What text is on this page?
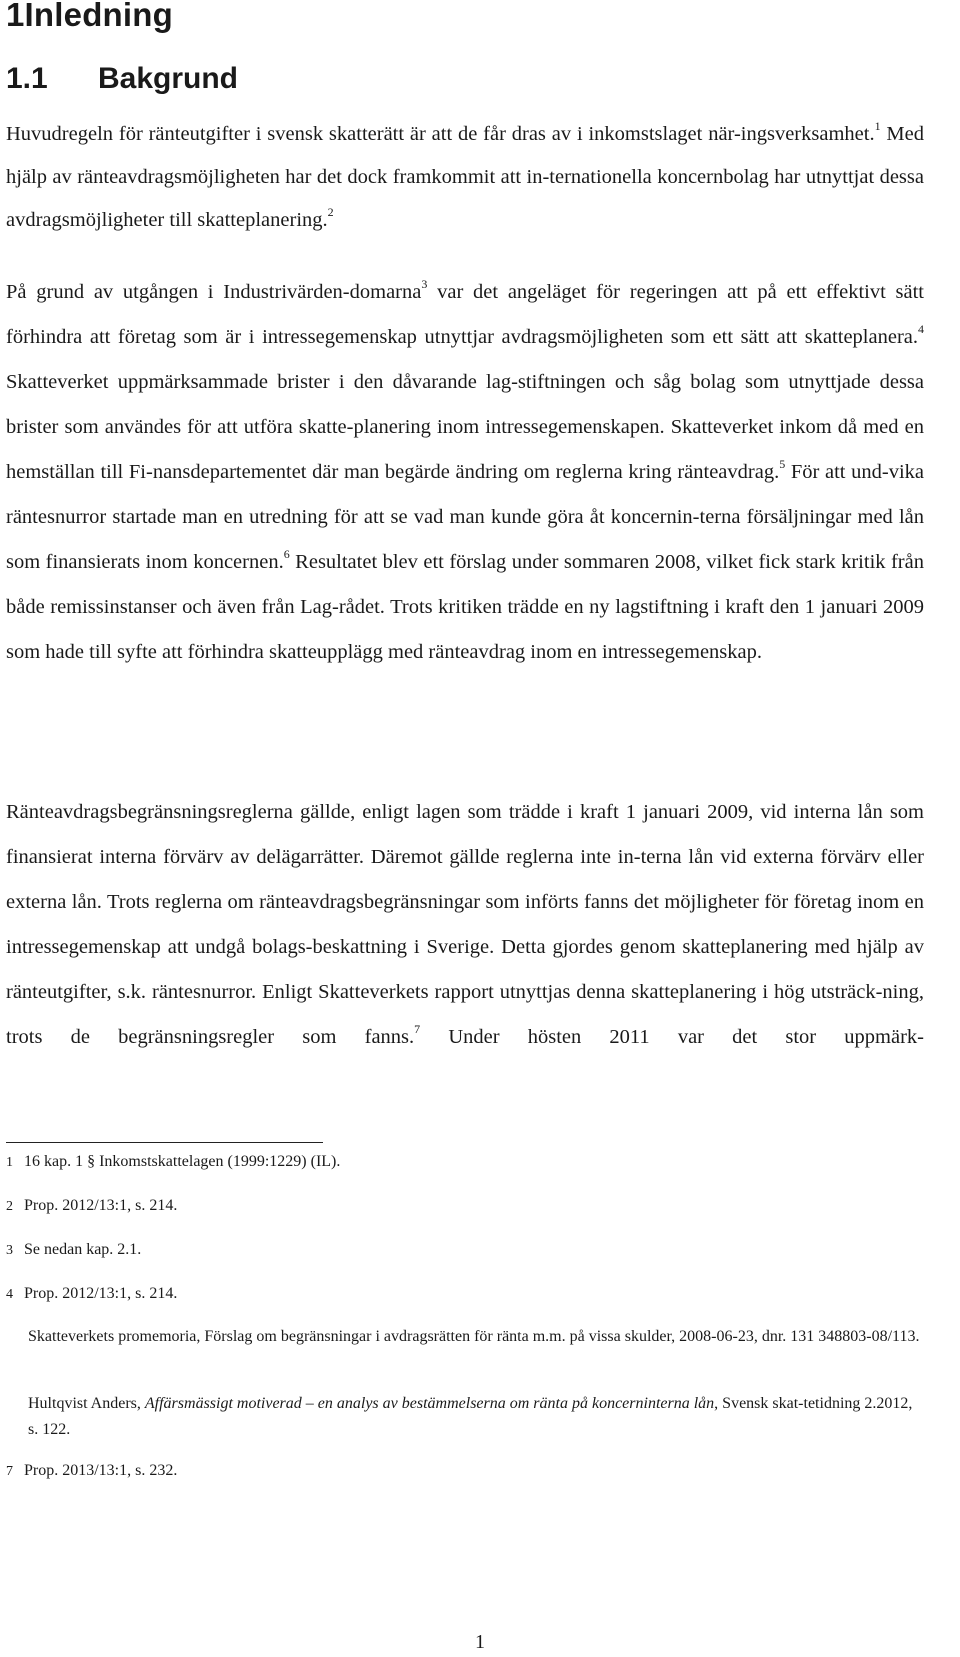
1Inledning
1.1 Bakgrund

Huvudregeln för ränteutgifter i svensk skatterätt är att de får dras av i inkomstslaget när-ingsverksamhet.$^1$ Med hjälp av ränteavdragsmöjligheten har det dock framkommit att in-ternationella koncernbolag har utnyttjat dessa avdragsmöjligheter till skatteplanering.$^2$

På grund av utgången i Industrivärden-domarna$^3$ var det angeläget för regeringen att på ett effektivt sätt förhindra att företag som är i intressegemenskap utnyttjar avdragsmöjligheten som ett sätt att skatteplanera.$^4$ Skatteverket uppmärksammade brister i den dåvarande lag-stiftningen och såg bolag som utnyttjade dessa brister som användes för att utföra skatte-planering inom intressegemenskapen. Skatteverket inkom då med en hemställan till Fi-nansdepartementet där man begärde ändring om reglerna kring ränteavdrag.$^5$ För att und-vika räntesnurror startade man en utredning för att se vad man kunde göra åt koncernin-terna försäljningar med lån som finansierats inom koncernen.$^6$ Resultatet blev ett förslag under sommaren 2008, vilket fick stark kritik från både remissinstanser och även från Lag-rådet. Trots kritiken trädde en ny lagstiftning i kraft den 1 januari 2009 som hade till syfte att förhindra skatteupplägg med ränteavdrag inom en intressegemenskap.

Ränteavdragsbegränsningsreglerna gällde, enligt lagen som trädde i kraft 1 januari 2009, vid interna lån som finansierat interna förvärv av delägarrätter. Däremot gällde reglerna inte in-terna lån vid externa förvärv eller externa lån. Trots reglerna om ränteavdragsbegränsningar som införts fanns det möjligheter för företag inom en intressegemenskap att undgå bolags-beskattning i Sverige. Detta gjordes genom skatteplanering med hjälp av ränteutgifter, s.k. räntesnurror. Enligt Skatteverkets rapport utnyttjas denna skatteplanering i hög utsträck-ning, trots de begränsningsregler som fanns.$^7$ Under hösten 2011 var det stor uppmärk-

1 16 kap. 1 § Inkomstskattelagen (1999:1229) (IL).

2 Prop. 2012/13:1, s. 214.

3 Se nedan kap. 2.1.

4 Prop. 2012/13:1, s. 214.

Skatteverkets promemoria, Förslag om begränsningar i avdragsrätten för ränta m.m. på vissa skulder, 2008-06-23, dnr. 131 348803-08/113.

Hultqvist Anders, Affärsmässigt motiverad – en analys av bestämmelserna om ränta på koncerninterna lån, Svensk skat-tetidning 2.2012, s. 122.

7 Prop. 2013/13:1, s. 232.

1
